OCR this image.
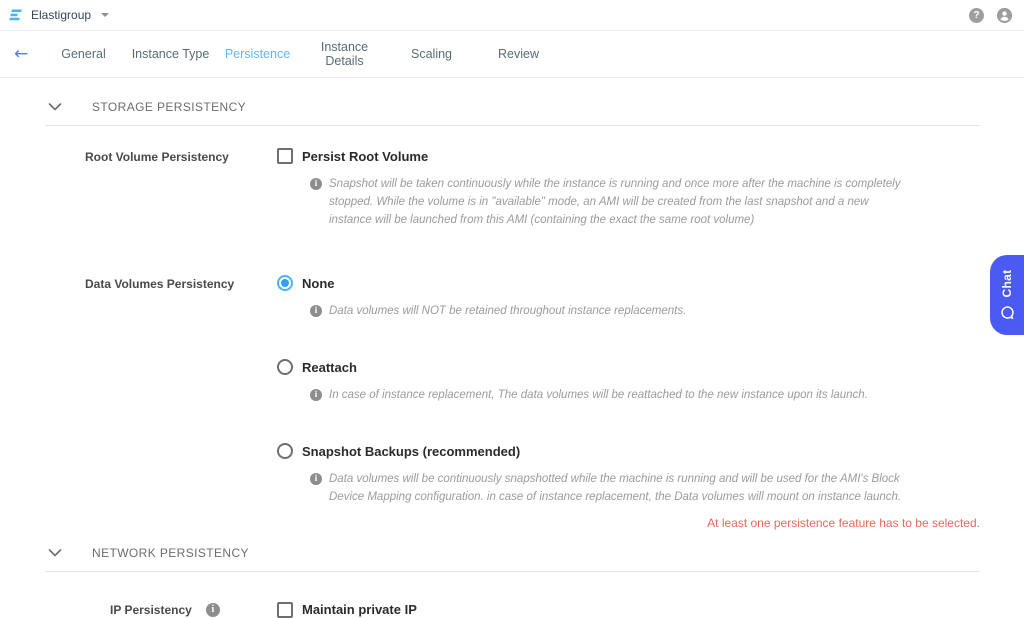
Elastigroup	?
←	General	Instance Type	Persistence	Instance Details	Scaling	Review
STORAGE PERSISTENCY
Root Volume Persistency	Persist Root Volume
i	Snapshot will be taken continuously while the instance is running and once more after the machine is completely stopped. While the volume is in "available" mode, an AMI will be created from the last snapshot and a new instance will be launched from this AMI (containing the exact the same root volume)
Data Volumes Persistency	None
i	Data volumes will NOT be retained throughout instance replacements.
Reattach
i	In case of instance replacement, The data volumes will be reattached to the new instance upon its launch.
Snapshot Backups (recommended)
i	Data volumes will be continuously snapshotted while the machine is running and will be used for the AMI's Block Device Mapping configuration. in case of instance replacement, the Data volumes will mount on instance launch.
NETWORK PERSISTENCY
IP Persistency	i	Maintain private IP
At least one persistence feature has to be selected.
Chat
